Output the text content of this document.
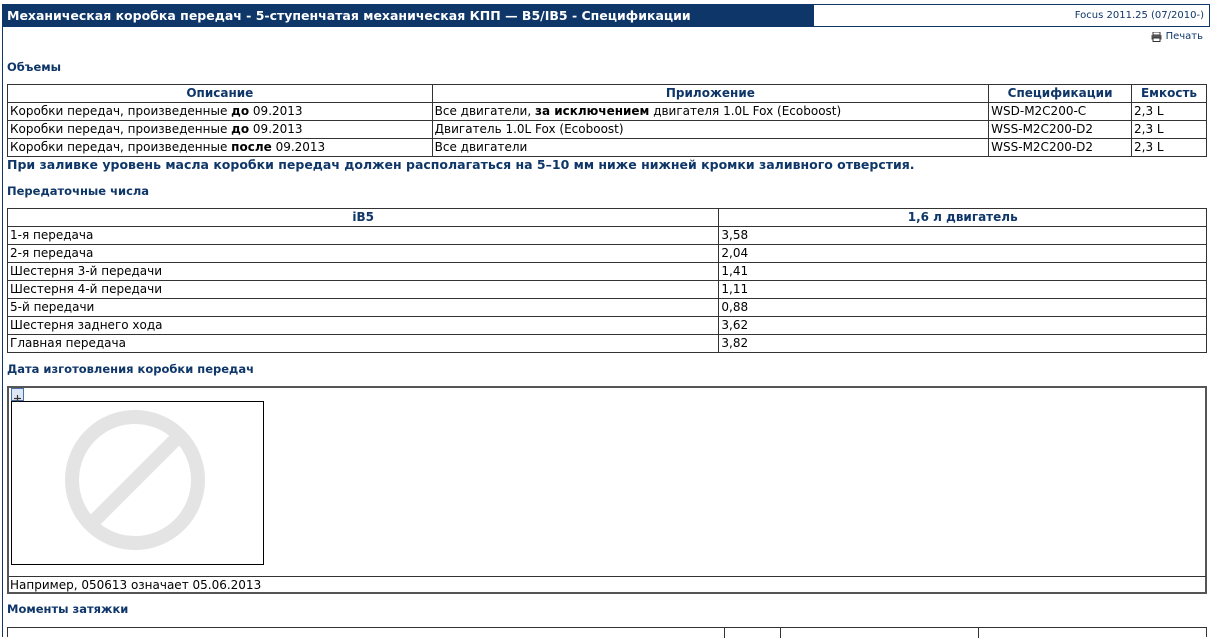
Механическая коробка передач - 5-ступенчатая механическая КПП — B5/IB5 - Спецификации	Focus 2011.25 (07/2010-)
Печать
Объемы
Описание	Приложение	Спецификации	Емкость
Коробки передач, произведенные до 09.2013	Все двигатели, за исключением двигателя 1.0L Fox (Ecoboost)	WSD-M2C200-C	2,3 L
Коробки передач, произведенные до 09.2013	Двигатель 1.0L Fox (Ecoboost)	WSS-M2C200-D2	2,3 L
Коробки передач, произведенные после 09.2013	Все двигатели	WSS-M2C200-D2	2,3 L
При заливке уровень масла коробки передач должен располагаться на 5–10 мм ниже нижней кромки заливного отверстия.
Передаточные числа
iB5	1,6 л двигатель
1-я передача	3,58
2-я передача	2,04
Шестерня 3-й передачи	1,41
Шестерня 4-й передачи	1,11
5-й передачи	0,88
Шестерня заднего хода	3,62
Главная передача	3,82
Дата изготовления коробки передач
Например, 050613 означает 05.06.2013
Моменты затяжки
